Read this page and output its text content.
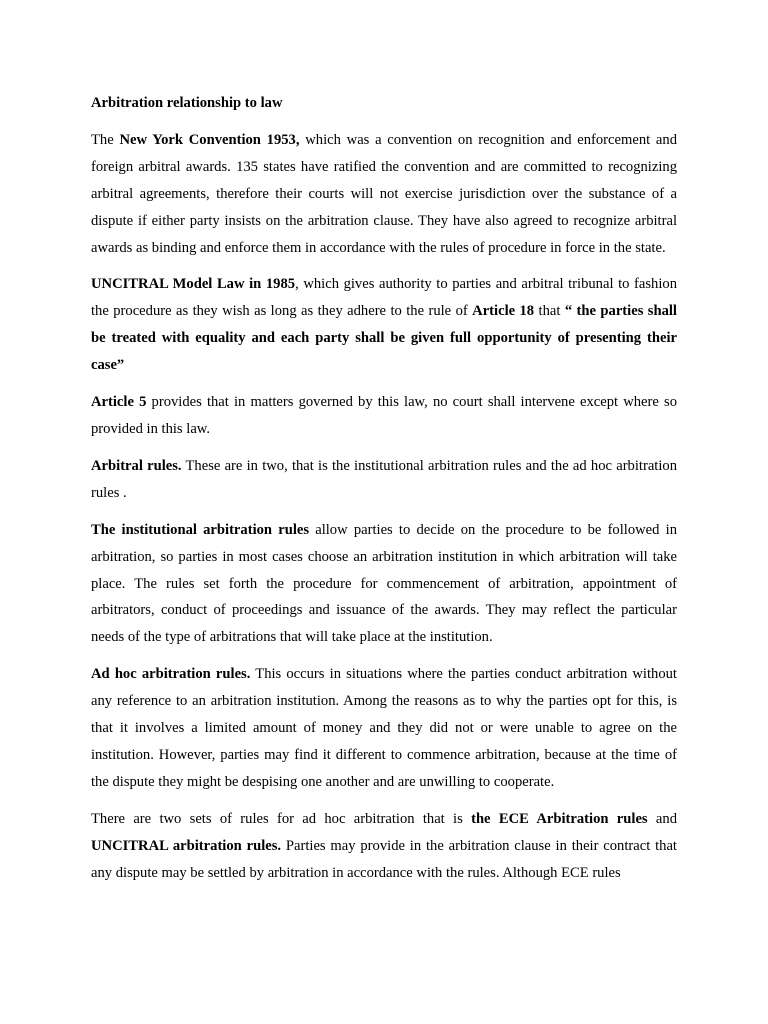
Arbitration relationship to law

The New York Convention 1953, which was a convention on recognition and enforcement and foreign arbitral awards. 135 states have ratified the convention and are committed to recognizing arbitral agreements, therefore their courts will not exercise jurisdiction over the substance of a dispute if either party insists on the arbitration clause. They have also agreed to recognize arbitral awards as binding and enforce them in accordance with the rules of procedure in force in the state.

UNCITRAL Model Law in 1985, which gives authority to parties and arbitral tribunal to fashion the procedure as they wish as long as they adhere to the rule of Article 18 that “ the parties shall be treated with equality and each party shall be given full opportunity of presenting their case”

Article 5 provides that in matters governed by this law, no court shall intervene except where so provided in this law.

Arbitral rules. These are in two, that is the institutional arbitration rules and the ad hoc arbitration rules .

The institutional arbitration rules allow parties to decide on the procedure to be followed in arbitration, so parties in most cases choose an arbitration institution in which arbitration will take place. The rules set forth the procedure for commencement of arbitration, appointment of arbitrators, conduct of proceedings and issuance of the awards. They may reflect the particular needs of the type of arbitrations that will take place at the institution.

Ad hoc arbitration rules. This occurs in situations where the parties conduct arbitration without any reference to an arbitration institution. Among the reasons as to why the parties opt for this, is that it involves a limited amount of money and they did not or were unable to agree on the institution. However, parties may find it different to commence arbitration, because at the time of the dispute they might be despising one another and are unwilling to cooperate.

There are two sets of rules for ad hoc arbitration that is the ECE Arbitration rules and UNCITRAL arbitration rules. Parties may provide in the arbitration clause in their contract that any dispute may be settled by arbitration in accordance with the rules. Although ECE rules
